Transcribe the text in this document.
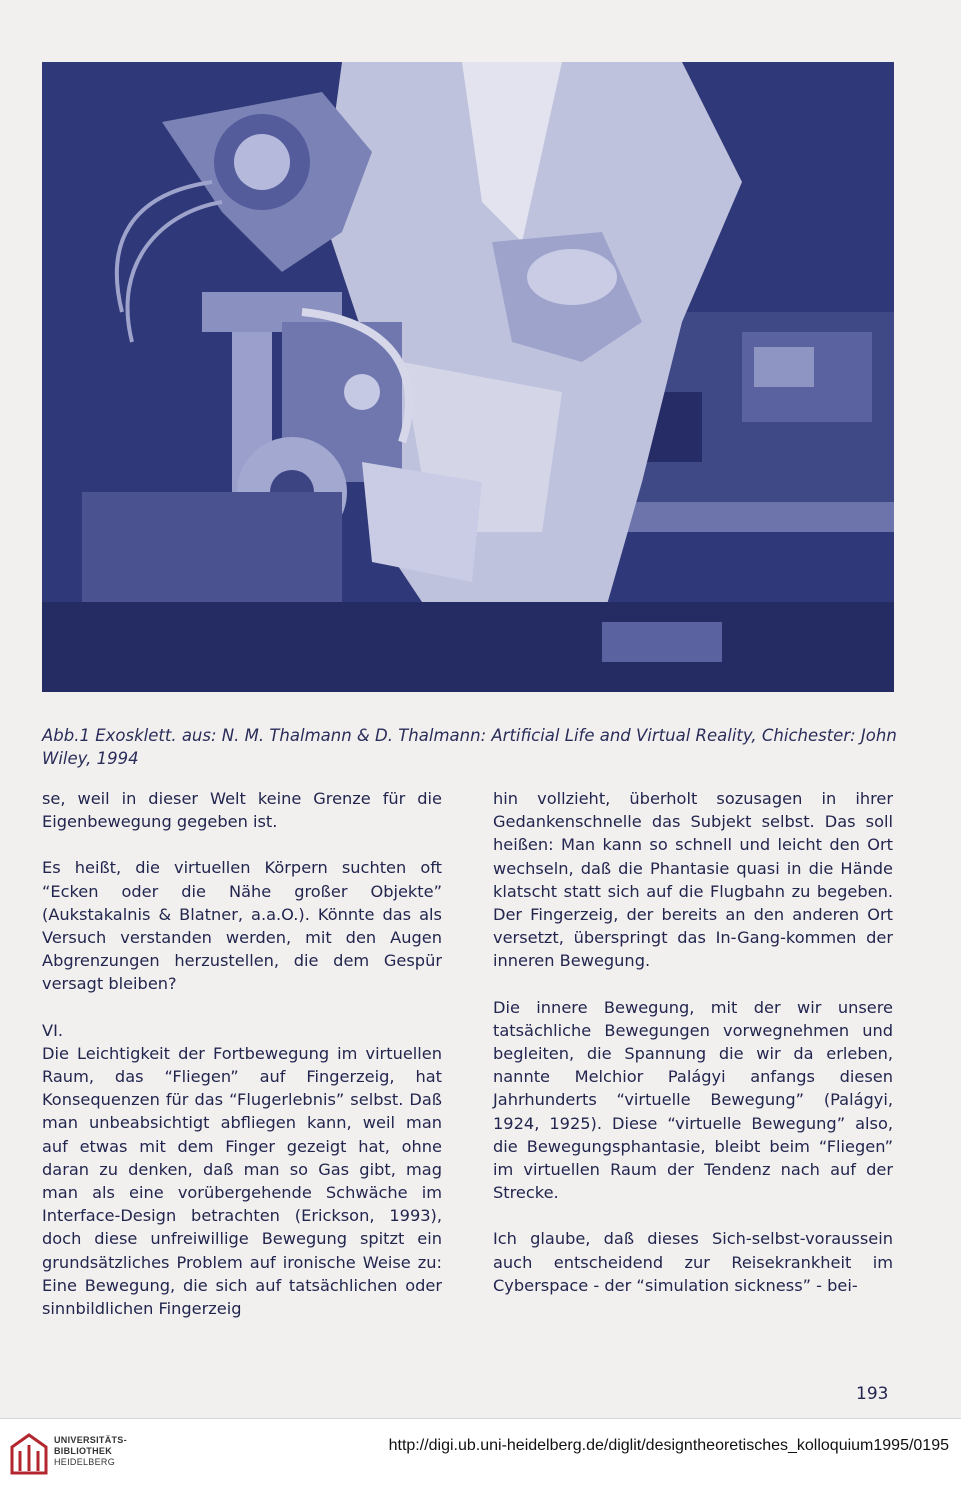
Abb.1 Exosklett. aus: N. M. Thalmann & D. Thalmann: Artificial Life and Virtual Reality, Chichester: John Wiley, 1994

se, weil in dieser Welt keine Grenze für die Eigenbewegung gegeben ist.

Es heißt, die virtuellen Körpern suchten oft “Ecken oder die Nähe großer Objekte” (Aukstakalnis & Blatner, a.a.O.). Könnte das als Versuch verstanden werden, mit den Augen Abgrenzungen herzustellen, die dem Gespür versagt bleiben?

VI.

Die Leichtigkeit der Fortbewegung im virtuellen Raum, das “Fliegen” auf Fingerzeig, hat Konsequenzen für das “Flugerlebnis” selbst. Daß man unbeabsichtigt abfliegen kann, weil man auf etwas mit dem Finger gezeigt hat, ohne daran zu denken, daß man so Gas gibt, mag man als eine vorübergehende Schwäche im Interface-Design betrachten (Erickson, 1993), doch diese unfreiwillige Bewegung spitzt ein grundsätzliches Problem auf ironische Weise zu: Eine Bewegung, die sich auf tatsächlichen oder sinnbildlichen Fingerzeig

hin vollzieht, überholt sozusagen in ihrer Gedankenschnelle das Subjekt selbst. Das soll heißen: Man kann so schnell und leicht den Ort wechseln, daß die Phantasie quasi in die Hände klatscht statt sich auf die Flugbahn zu begeben. Der Fingerzeig, der bereits an den anderen Ort versetzt, überspringt das In-Gang-kommen der inneren Bewegung.

Die innere Bewegung, mit der wir unsere tatsächliche Bewegungen vorwegnehmen und begleiten, die Spannung die wir da erleben, nannte Melchior Palágyi anfangs diesen Jahrhunderts “virtuelle Bewegung” (Palágyi, 1924, 1925). Diese “virtuelle Bewegung” also, die Bewegungsphantasie, bleibt beim “Fliegen” im virtuellen Raum der Tendenz nach auf der Strecke.

Ich glaube, daß dieses Sich-selbst-voraussein auch entscheidend zur Reisekrankheit im Cyberspace - der “simulation sickness” - bei-

193
UNIVERSITÄTS-
BIBLIOTHEK
HEIDELBERG
http://digi.ub.uni-heidelberg.de/diglit/designtheoretisches_kolloquium1995/0195
